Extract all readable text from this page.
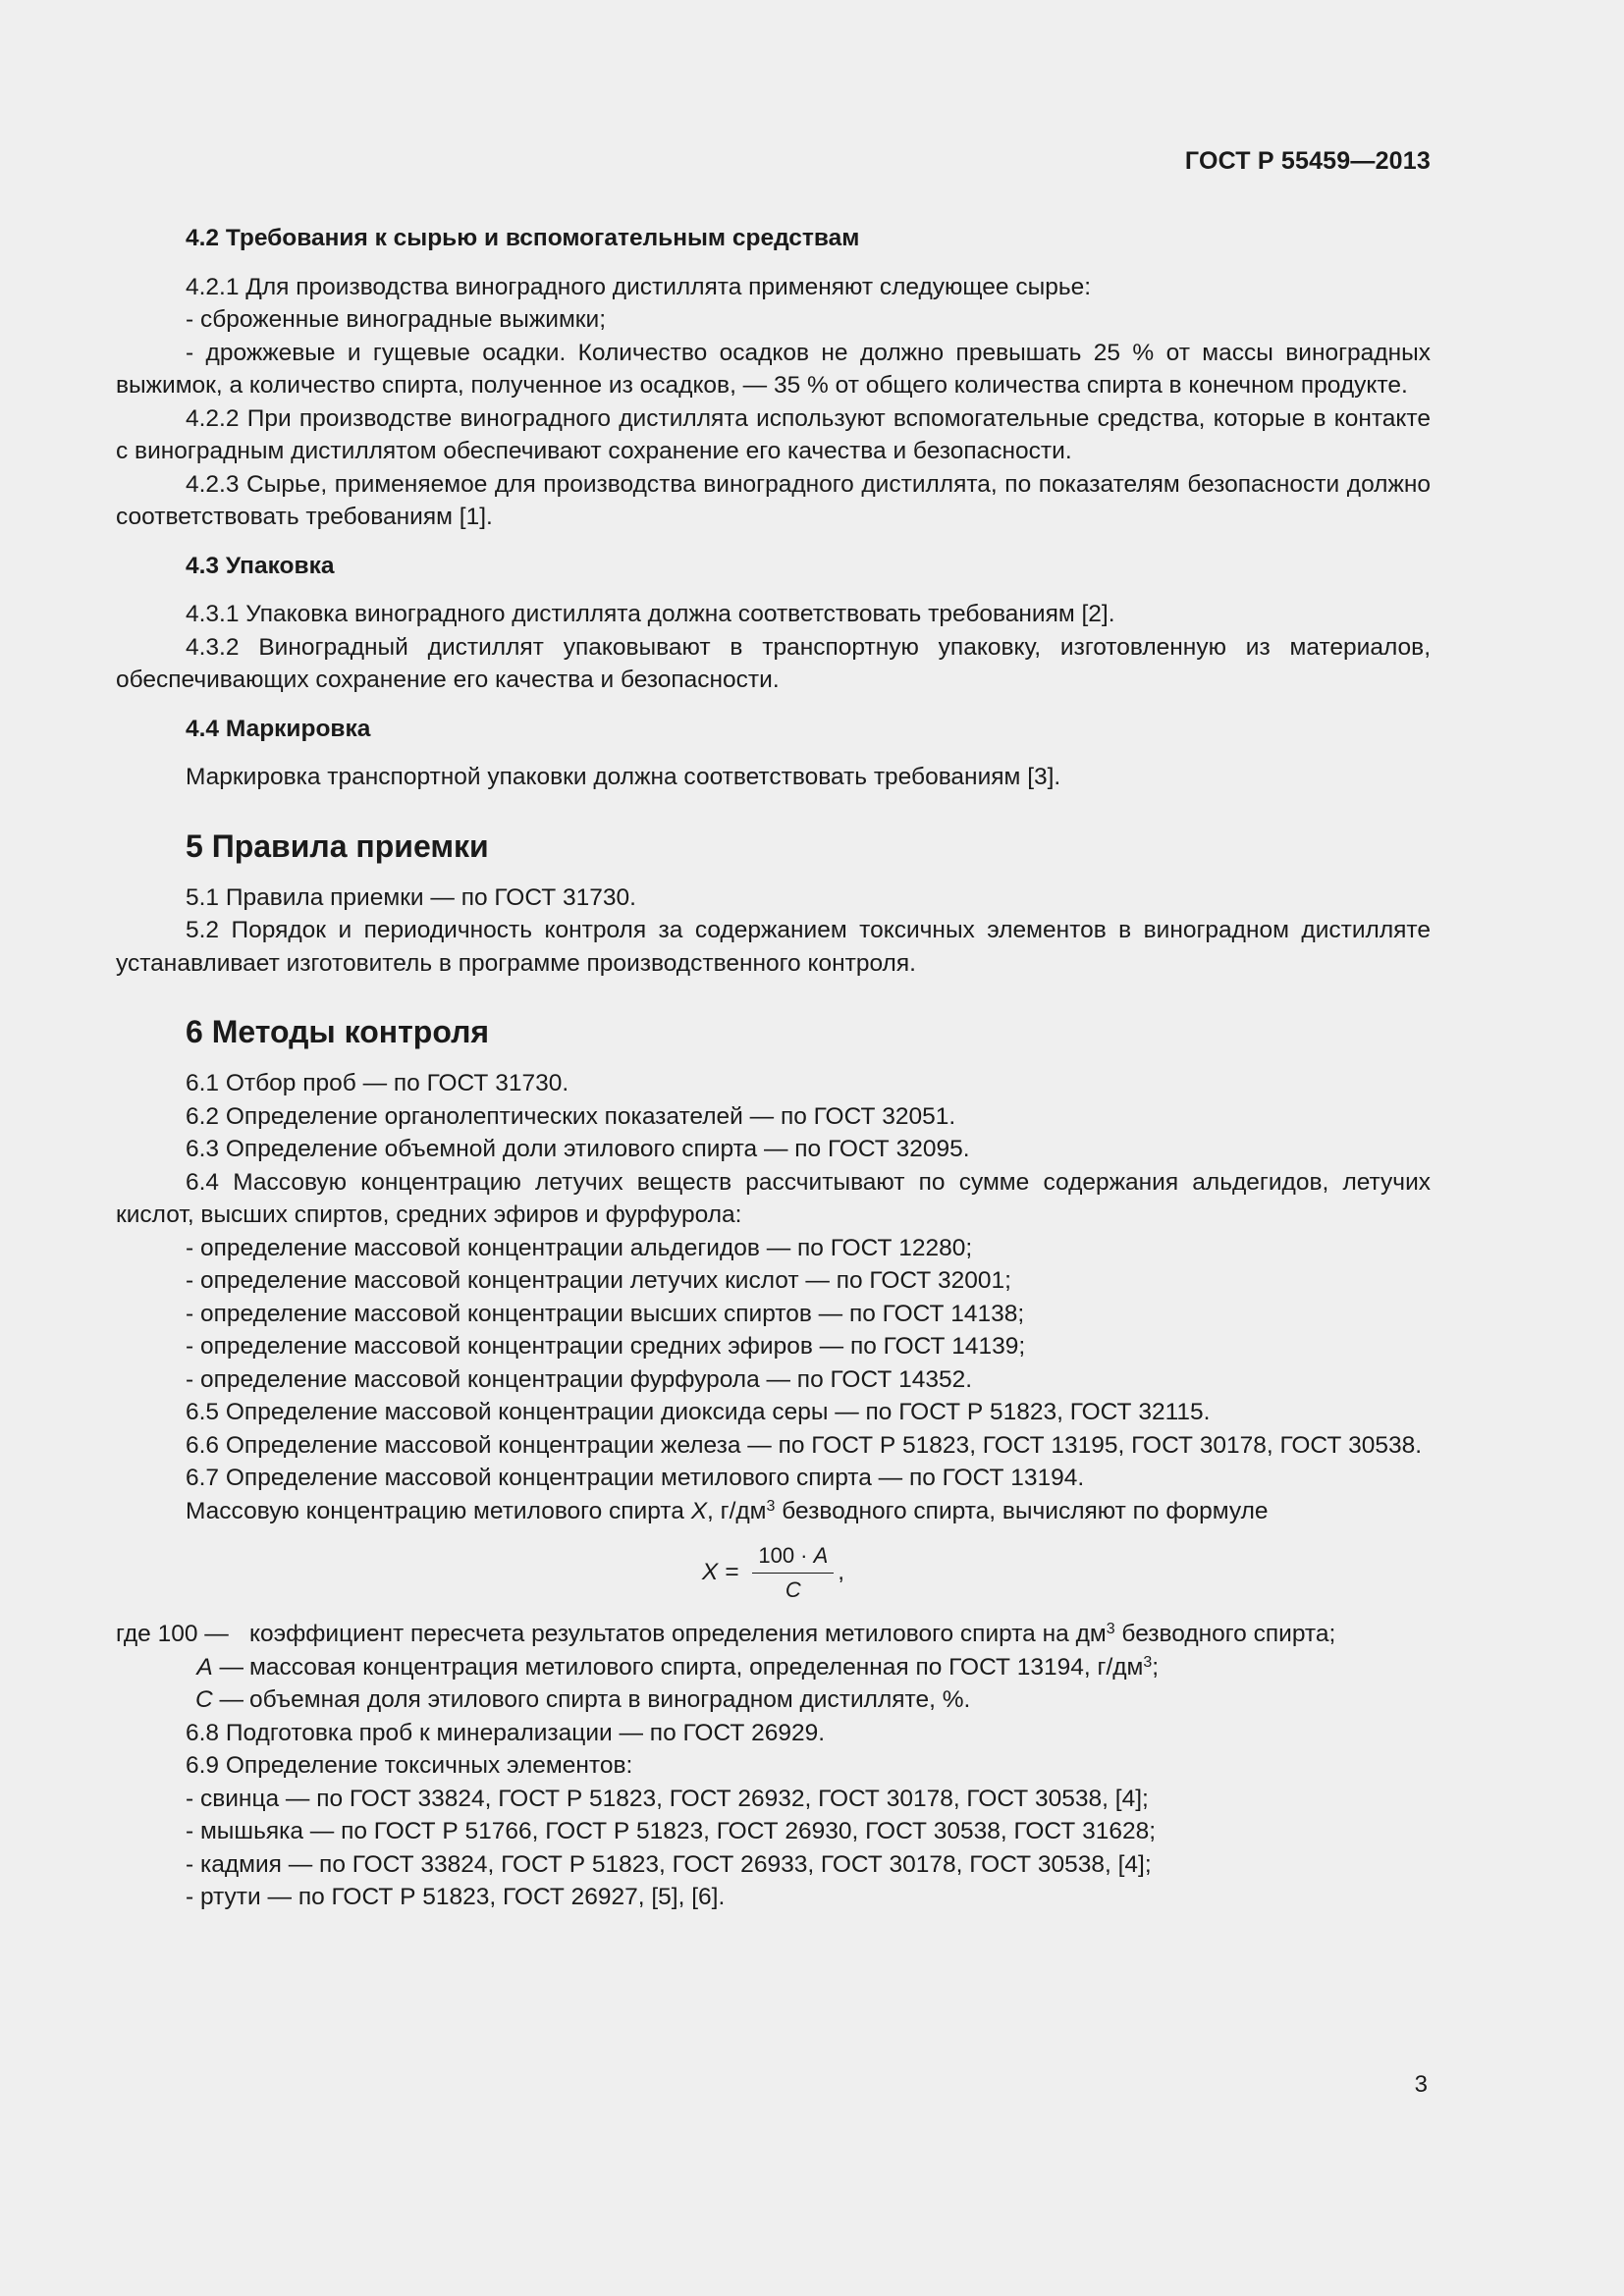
ГОСТ Р 55459—2013

4.2 Требования к сырью и вспомогательным средствам

4.2.1 Для производства виноградного дистиллята применяют следующее сырье:

- сброженные виноградные выжимки;

- дрожжевые и гущевые осадки. Количество осадков не должно превышать 25 % от массы виноградных выжимок, а количество спирта, полученное из осадков, — 35 % от общего количества спирта в конечном продукте.

4.2.2 При производстве виноградного дистиллята используют вспомогательные средства, которые в контакте с виноградным дистиллятом обеспечивают сохранение его качества и безопасности.

4.2.3 Сырье, применяемое для производства виноградного дистиллята, по показателям безопасности должно соответствовать требованиям [1].

4.3 Упаковка

4.3.1 Упаковка виноградного дистиллята должна соответствовать требованиям [2].

4.3.2 Виноградный дистиллят упаковывают в транспортную упаковку, изготовленную из материалов, обеспечивающих сохранение его качества и безопасности.

4.4 Маркировка

Маркировка транспортной упаковки должна соответствовать требованиям [3].

5 Правила приемки

5.1 Правила приемки — по ГОСТ 31730.

5.2 Порядок и периодичность контроля за содержанием токсичных элементов в виноградном дистилляте устанавливает изготовитель в программе производственного контроля.

6 Методы контроля

6.1 Отбор проб — по ГОСТ 31730.

6.2 Определение органолептических показателей — по ГОСТ 32051.

6.3 Определение объемной доли этилового спирта — по ГОСТ 32095.

6.4 Массовую концентрацию летучих веществ рассчитывают по сумме содержания альдегидов, летучих кислот, высших спиртов, средних эфиров и фурфурола:

- определение массовой концентрации альдегидов — по ГОСТ 12280;

- определение массовой концентрации летучих кислот — по ГОСТ 32001;

- определение массовой концентрации высших спиртов — по ГОСТ 14138;

- определение массовой концентрации средних эфиров — по ГОСТ 14139;

- определение массовой концентрации фурфурола — по ГОСТ 14352.

6.5 Определение массовой концентрации диоксида серы — по ГОСТ Р 51823, ГОСТ 32115.

6.6 Определение массовой концентрации железа — по ГОСТ Р 51823, ГОСТ 13195, ГОСТ 30178, ГОСТ 30538.

6.7 Определение массовой концентрации метилового спирта — по ГОСТ 13194.

Массовую концентрацию метилового спирта X, $г/дм^3$ безводного спирта, вычисляют по формуле

$X = \frac{100 \cdot A}{C}$ ,
где 100 — коэффициент пересчета результатов определения метилового спирта на $дм^3$ безводного спирта;
A — массовая концентрация метилового спирта, определенная по ГОСТ 13194, $г/дм^3$;
C — объемная доля этилового спирта в виноградном дистилляте, %.

6.8 Подготовка проб к минерализации — по ГОСТ 26929.

6.9 Определение токсичных элементов:

- свинца — по ГОСТ 33824, ГОСТ Р 51823, ГОСТ 26932, ГОСТ 30178, ГОСТ 30538, [4];

- мышьяка — по ГОСТ Р 51766, ГОСТ Р 51823, ГОСТ 26930, ГОСТ 30538, ГОСТ 31628;

- кадмия — по ГОСТ 33824, ГОСТ Р 51823, ГОСТ 26933, ГОСТ 30178, ГОСТ 30538, [4];

- ртути — по ГОСТ Р 51823, ГОСТ 26927, [5], [6].

3
